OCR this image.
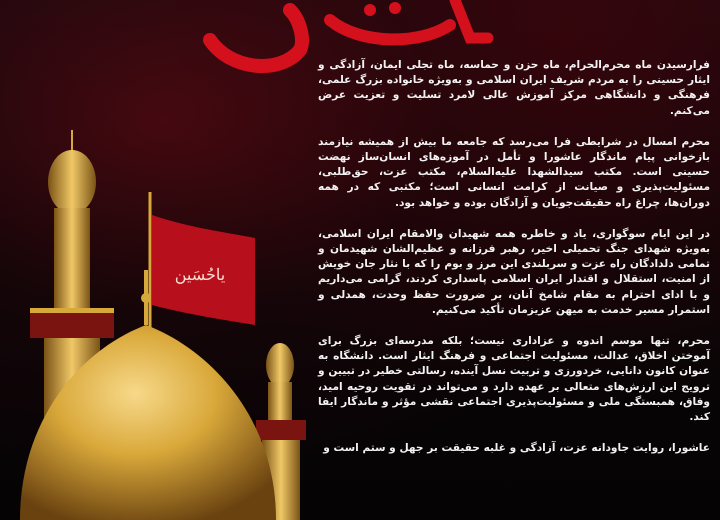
یاحُسَین

فرارسیدن ماه محرم‌الحرام، ماه حزن و حماسه، ماه تجلی ایمان، آزادگی و ایثار حسینی را به مردم شریف ایران اسلامی و به‌ویژه خانواده بزرگ علمی، فرهنگی و دانشگاهی مرکز آموزش عالی لامرد تسلیت و تعزیت عرض می‌کنم.

محرم امسال در شرایطی فرا می‌رسد که جامعه ما بیش از همیشه نیازمند بازخوانی پیام ماندگار عاشورا و تأمل در آموزه‌های انسان‌ساز نهضت حسینی است. مکتب سیدالشهدا علیه‌السلام، مکتب عزت، حق‌طلبی، مسئولیت‌پذیری و صیانت از کرامت انسانی است؛ مکتبی که در همه دوران‌ها، چراغ راه حقیقت‌جویان و آزادگان بوده و خواهد بود.

در این ایام سوگواری، یاد و خاطره همه شهیدان والامقام ایران اسلامی، به‌ویژه شهدای جنگ تحمیلی اخیر، رهبر فرزانه و عظیم‌الشان شهیدمان و تمامی دلدادگان راه عزت و سربلندی این مرز و بوم را که با نثار جان خویش از امنیت، استقلال و اقتدار ایران اسلامی پاسداری کردند، گرامی می‌داریم و با ادای احترام به مقام شامخ آنان، بر ضرورت حفظ وحدت، همدلی و استمرار مسیر خدمت به میهن عزیزمان تأکید می‌کنیم.

محرم، تنها موسم اندوه و عزاداری نیست؛ بلکه مدرسه‌ای بزرگ برای آموختن اخلاق، عدالت، مسئولیت اجتماعی و فرهنگ ایثار است. دانشگاه به عنوان کانون دانایی، خردورزی و تربیت نسل آینده، رسالتی خطیر در تبیین و ترویج این ارزش‌های متعالی بر عهده دارد و می‌تواند در تقویت روحیه امید، وفاق، همبستگی ملی و مسئولیت‌پذیری اجتماعی نقشی مؤثر و ماندگار ایفا کند.

عاشورا، روایت جاودانه عزت، آزادگی و غلبه حقیقت بر جهل و ستم است و
